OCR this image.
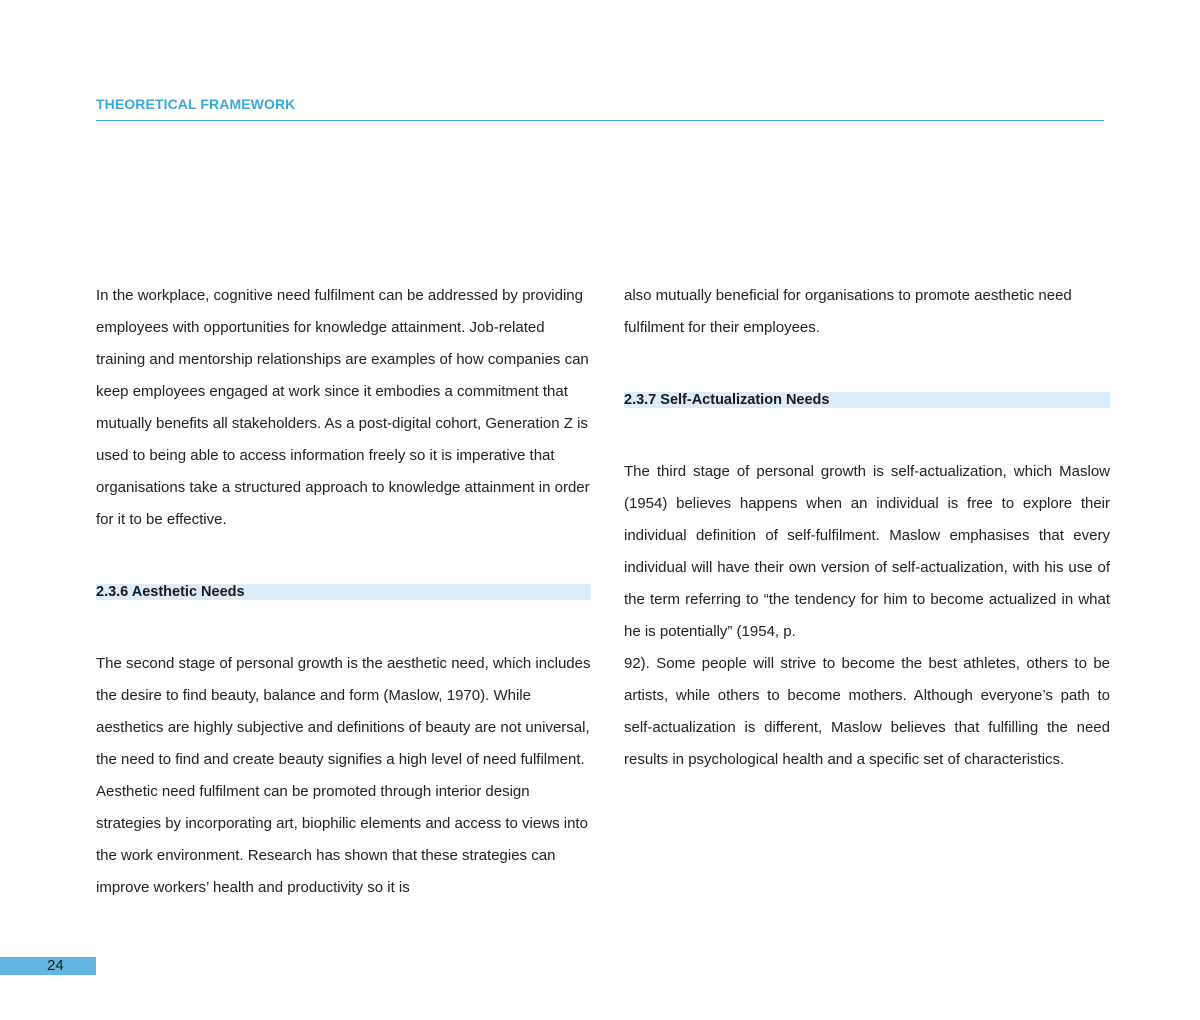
THEORETICAL FRAMEWORK

In the workplace, cognitive need fulfilment can be addressed by providing employees with opportunities for knowledge attainment. Job-related training and mentorship relationships are examples of how companies can keep employees engaged at work since it embodies a commitment that mutually benefits all stakeholders. As a post-digital cohort, Generation Z is used to being able to access information freely so it is imperative that organisations take a structured approach to knowledge attainment in order for it to be effective.

2.3.6 Aesthetic Needs

The second stage of personal growth is the aesthetic need, which includes the desire to find beauty, balance and form (Maslow, 1970). While aesthetics are highly subjective and definitions of beauty are not universal, the need to find and create beauty signifies a high level of need fulfilment. Aesthetic need fulfilment can be promoted through interior design strategies by incorporating art, biophilic elements and access to views into the work environment. Research has shown that these strategies can improve workers’ health and productivity so it is

also mutually beneficial for organisations to promote aesthetic need fulfilment for their employees.

2.3.7 Self-Actualization Needs

The third stage of personal growth is self-actualization, which Maslow (1954) believes happens when an individual is free to explore their individual definition of self-fulfilment. Maslow emphasises that every individual will have their own version of self-actualization, with his use of the term referring to “the tendency for him to become actualized in what he is potentially” (1954, p.

92). Some people will strive to become the best athletes, others to be artists, while others to become mothers. Although everyone’s path to self-actualization is different, Maslow believes that fulfilling the need results in psychological health and a specific set of characteristics.

24
